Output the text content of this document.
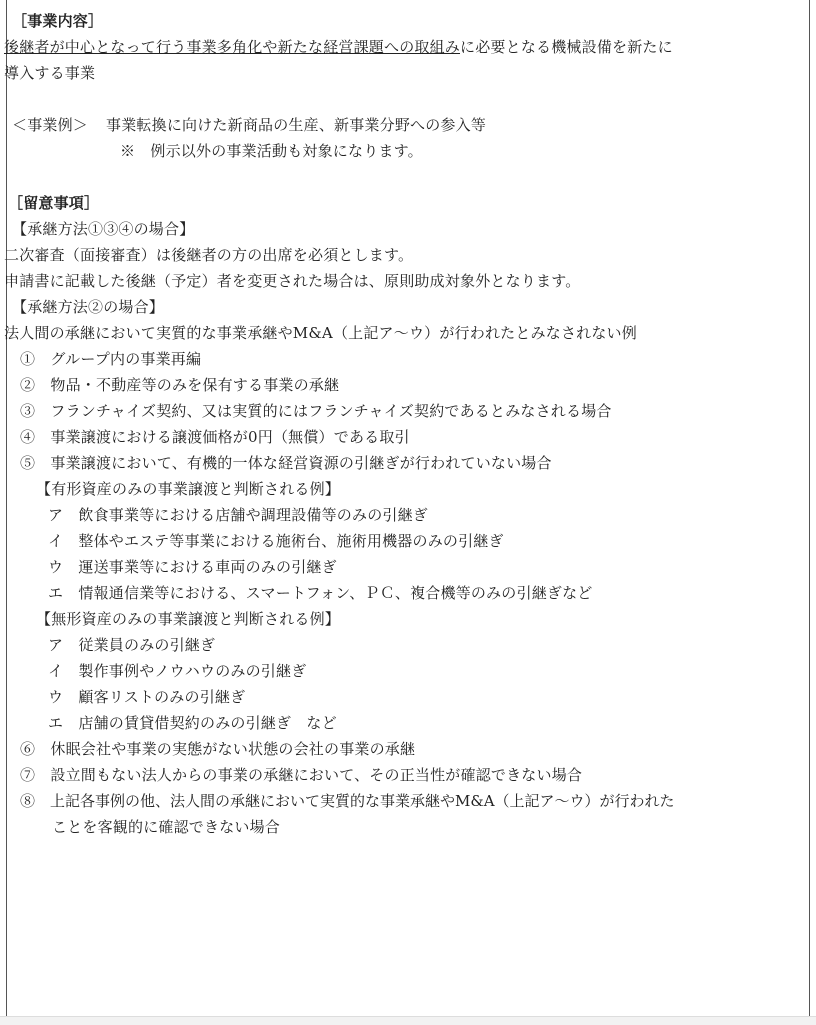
［事業内容］
後継者が中心となって行う事業多角化や新たな経営課題への取組みに必要となる機械設備を新たに
導入する事業
＜事業例＞ 事業転換に向けた新商品の生産、新事業分野への参入等
※　例示以外の事業活動も対象になります。
［留意事項］
【承継方法①③④の場合】
二次審査（面接審査）は後継者の方の出席を必須とします。
申請書に記載した後継（予定）者を変更された場合は、原則助成対象外となります。
【承継方法②の場合】
法人間の承継において実質的な事業承継やM&A（上記ア～ウ）が行われたとみなされない例
①　グループ内の事業再編
②　物品・不動産等のみを保有する事業の承継
③　フランチャイズ契約、又は実質的にはフランチャイズ契約であるとみなされる場合
④　事業譲渡における譲渡価格が0円（無償）である取引
⑤　事業譲渡において、有機的一体な経営資源の引継ぎが行われていない場合
【有形資産のみの事業譲渡と判断される例】
ア　飲食事業等における店舗や調理設備等のみの引継ぎ
イ　整体やエステ等事業における施術台、施術用機器のみの引継ぎ
ウ　運送事業等における車両のみの引継ぎ
エ　情報通信業等における、スマートフォン、ＰＣ、複合機等のみの引継ぎなど
【無形資産のみの事業譲渡と判断される例】
ア　従業員のみの引継ぎ
イ　製作事例やノウハウのみの引継ぎ
ウ　顧客リストのみの引継ぎ
エ　店舗の賃貸借契約のみの引継ぎ　など
⑥　休眠会社や事業の実態がない状態の会社の事業の承継
⑦　設立間もない法人からの事業の承継において、その正当性が確認できない場合
⑧　上記各事例の他、法人間の承継において実質的な事業承継やM&A（上記ア～ウ）が行われた
ことを客観的に確認できない場合
